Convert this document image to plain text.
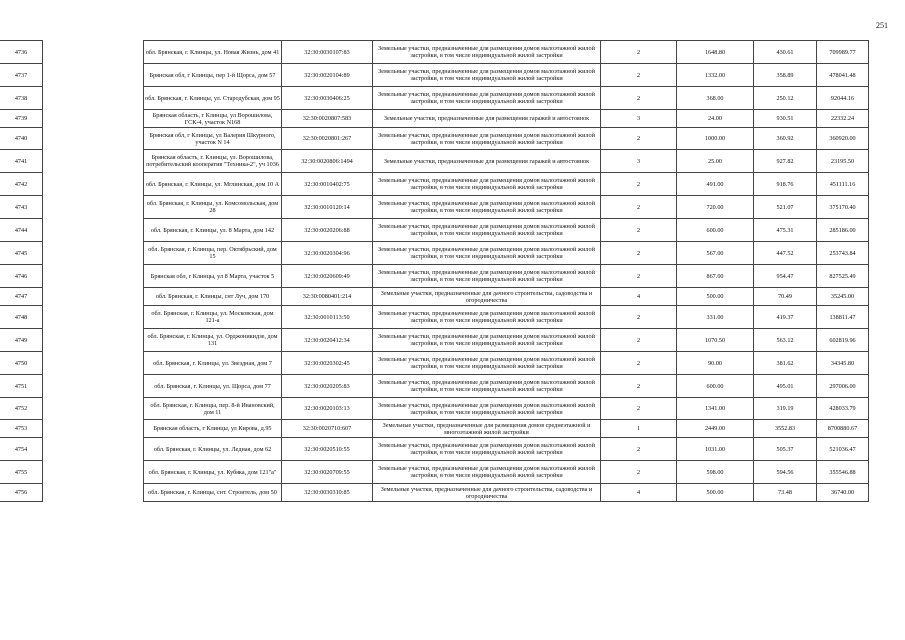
251
4736		обл. Брянская, г. Клинцы, ул. Новая Жизнь, дом 41	32:30:0030107:83	Земельные участки, предназначенные для размещения домов малоэтажной жилой застройки, в том числе индивидуальной жилой застройки	2	1648.80	430.61	709989.77
4737		Брянская обл, г Клинцы, пер 1-й Щорса, дом 57	32:30:0020104:89	Земельные участки, предназначенные для размещения домов малоэтажной жилой застройки, в том числе индивидуальной жилой застройки	2	1332.00	358.89	478041.48
4738		обл. Брянская, г. Клинцы, ул. Стародубская, дом 95	32:30:0030406:25	Земельные участки, предназначенные для размещения домов малоэтажной жилой застройки, в том числе индивидуальной жилой застройки	2	368.00	250.12	92044.16
4739		Брянская область, г Клинцы, ул Ворошилова, ГСК-4, участок N168	32:30:0020807:583	Земельные участки, предназначенные для размещения гаражей и автостоянок	3	24.00	930.51	22332.24
4740		Брянская обл, г Клинцы, ул Валерия Шкурного, участок N 14	32:30:0020801:267	Земельные участки, предназначенные для размещения домов малоэтажной жилой застройки, в том числе индивидуальной жилой застройки	2	1000.00	360.92	360920.00
4741		Брянская область, г. Клинцы, ул. Ворошилова, потребительский кооператив "Техника-2", уч 1036	32:30:0020806:1494	Земельные участки, предназначенные для размещения гаражей и автостоянок	3	25.00	927.82	23195.50
4742		обл. Брянская, г. Клинцы, ул. Мглинская, дом 10 А	32:30:0010402:75	Земельные участки, предназначенные для размещения домов малоэтажной жилой застройки, в том числе индивидуальной жилой застройки	2	491.00	918.76	451111.16
4743		обл. Брянская, г. Клинцы, ул. Комсомольская, дом 28	32:30:0010120:14	Земельные участки, предназначенные для размещения домов малоэтажной жилой застройки, в том числе индивидуальной жилой застройки	2	720.00	521.07	375170.40
4744		обл. Брянская, г. Клинцы, ул. 8 Марта, дом 142	32:30:0020206:88	Земельные участки, предназначенные для размещения домов малоэтажной жилой застройки, в том числе индивидуальной жилой застройки	2	600.00	475.31	285186.00
4745		обл. Брянская, г. Клинцы, пер. Октябрьский, дом 15	32:30:0020304:96	Земельные участки, предназначенные для размещения домов малоэтажной жилой застройки, в том числе индивидуальной жилой застройки	2	567.00	447.52	253743.84
4746		Брянская обл, г Клинцы, ул 8 Марта, участок 5	32:30:0020609:49	Земельные участки, предназначенные для размещения домов малоэтажной жилой застройки, в том числе индивидуальной жилой застройки	2	867.00	954.47	827525.49
4747		обл. Брянская, г. Клинцы, снт Луч, дом 170	32:30:0080401:214	Земельные участки, предназначенные для дачного строительства, садоводства и огородничества	4	500.00	70.49	35245.00
4748		обл. Брянская, г. Клинцы, ул. Московская, дом 121-а	32:30:0010113:50	Земельные участки, предназначенные для размещения домов малоэтажной жилой застройки, в том числе индивидуальной жилой застройки	2	331.00	419.37	138811.47
4749		обл. Брянская, г. Клинцы, ул. Орджоникидзе, дом 131	32:30:0020412:34	Земельные участки, предназначенные для размещения домов малоэтажной жилой застройки, в том числе индивидуальной жилой застройки	2	1070.50	563.12	602819.96
4750		обл. Брянская, г. Клинцы, ул. Звездная, дом 7	32:30:0020302:45	Земельные участки, предназначенные для размещения домов малоэтажной жилой застройки, в том числе индивидуальной жилой застройки	2	90.00	381.62	34345.80
4751		обл. Брянская, г. Клинцы, ул. Щорса, дом 77	32:30:0020205:83	Земельные участки, предназначенные для размещения домов малоэтажной жилой застройки, в том числе индивидуальной жилой застройки	2	600.00	495.01	297006.00
4752		обл. Брянская, г. Клинцы, пер. 8-й Ивановский, дом 11	32:30:0020103:13	Земельные участки, предназначенные для размещения домов малоэтажной жилой застройки, в том числе индивидуальной жилой застройки	2	1341.00	319.19	428033.79
4753		Брянская область, г Клинцы, ул Кирова, д.95	32:30:0020710:607	Земельные участки, предназначенные для размещения домов среднеэтажной и многоэтажной жилой застройки	1	2449.00	3552.83	8700880.67
4754		обл. Брянская, г. Клинцы, ул. Ледная, дом 62	32:30:0020510:55	Земельные участки, предназначенные для размещения домов малоэтажной жилой застройки, в том числе индивидуальной жилой застройки	2	1031.00	505.37	521036.47
4755		обл. Брянская, г. Клинцы, ул. Кубяка, дом 121"а"	32:30:0020709:55	Земельные участки, предназначенные для размещения домов малоэтажной жилой застройки, в том числе индивидуальной жилой застройки	2	598.00	594.56	355546.88
4756		обл. Брянская, г. Клинцы, снт. Строитель, дом 50	32:30:0030310:85	Земельные участки, предназначенные для дачного строительства, садоводства и огородничества	4	500.00	73.48	36740.00
